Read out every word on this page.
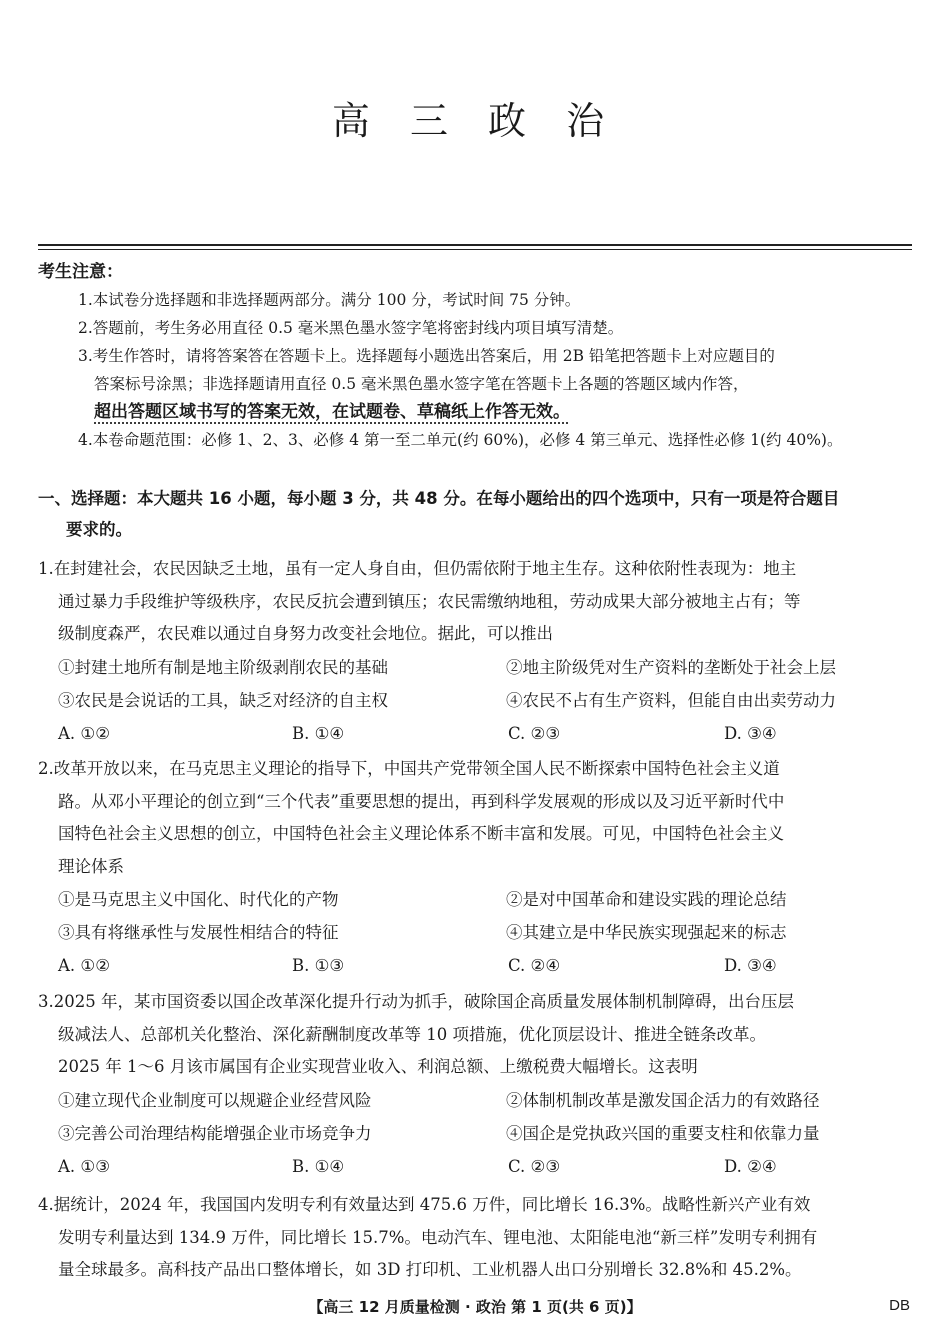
高 三 政 治
考生注意：
1.本试卷分选择题和非选择题两部分。满分 100 分，考试时间 75 分钟。
2.答题前，考生务必用直径 0.5 毫米黑色墨水签字笔将密封线内项目填写清楚。
3.考生作答时，请将答案答在答题卡上。选择题每小题选出答案后，用 2B 铅笔把答题卡上对应题目的
答案标号涂黑；非选择题请用直径 0.5 毫米黑色墨水签字笔在答题卡上各题的答题区域内作答，
超出答题区域书写的答案无效，在试题卷、草稿纸上作答无效。
4.本卷命题范围：必修 1、2、3、必修 4 第一至二单元(约 60%)，必修 4 第三单元、选择性必修 1(约 40%)。
一、选择题：本大题共 16 小题，每小题 3 分，共 48 分。在每小题给出的四个选项中，只有一项是符合题目
要求的。
1.在封建社会，农民因缺乏土地，虽有一定人身自由，但仍需依附于地主生存。这种依附性表现为：地主
通过暴力手段维护等级秩序，农民反抗会遭到镇压；农民需缴纳地租，劳动成果大部分被地主占有；等
级制度森严，农民难以通过自身努力改变社会地位。据此，可以推出
①封建土地所有制是地主阶级剥削农民的基础	②地主阶级凭对生产资料的垄断处于社会上层
③农民是会说话的工具，缺乏对经济的自主权	④农民不占有生产资料，但能自由出卖劳动力
A. ①②	B. ①④	C. ②③	D. ③④
2.改革开放以来，在马克思主义理论的指导下，中国共产党带领全国人民不断探索中国特色社会主义道
路。从邓小平理论的创立到“三个代表”重要思想的提出，再到科学发展观的形成以及习近平新时代中
国特色社会主义思想的创立，中国特色社会主义理论体系不断丰富和发展。可见，中国特色社会主义
理论体系
①是马克思主义中国化、时代化的产物	②是对中国革命和建设实践的理论总结
③具有将继承性与发展性相结合的特征	④其建立是中华民族实现强起来的标志
A. ①②	B. ①③	C. ②④	D. ③④
3.2025 年，某市国资委以国企改革深化提升行动为抓手，破除国企高质量发展体制机制障碍，出台压层
级减法人、总部机关化整治、深化薪酬制度改革等 10 项措施，优化顶层设计、推进全链条改革。
2025 年 1～6 月该市属国有企业实现营业收入、利润总额、上缴税费大幅增长。这表明
①建立现代企业制度可以规避企业经营风险	②体制机制改革是激发国企活力的有效路径
③完善公司治理结构能增强企业市场竞争力	④国企是党执政兴国的重要支柱和依靠力量
A. ①③	B. ①④	C. ②③	D. ②④
4.据统计，2024 年，我国国内发明专利有效量达到 475.6 万件，同比增长 16.3%。战略性新兴产业有效
发明专利量达到 134.9 万件，同比增长 15.7%。电动汽车、锂电池、太阳能电池“新三样”发明专利拥有
量全球最多。高科技产品出口整体增长，如 3D 打印机、工业机器人出口分别增长 32.8%和 45.2%。
【高三 12 月质量检测 · 政治 第 1 页(共 6 页)】	DB
